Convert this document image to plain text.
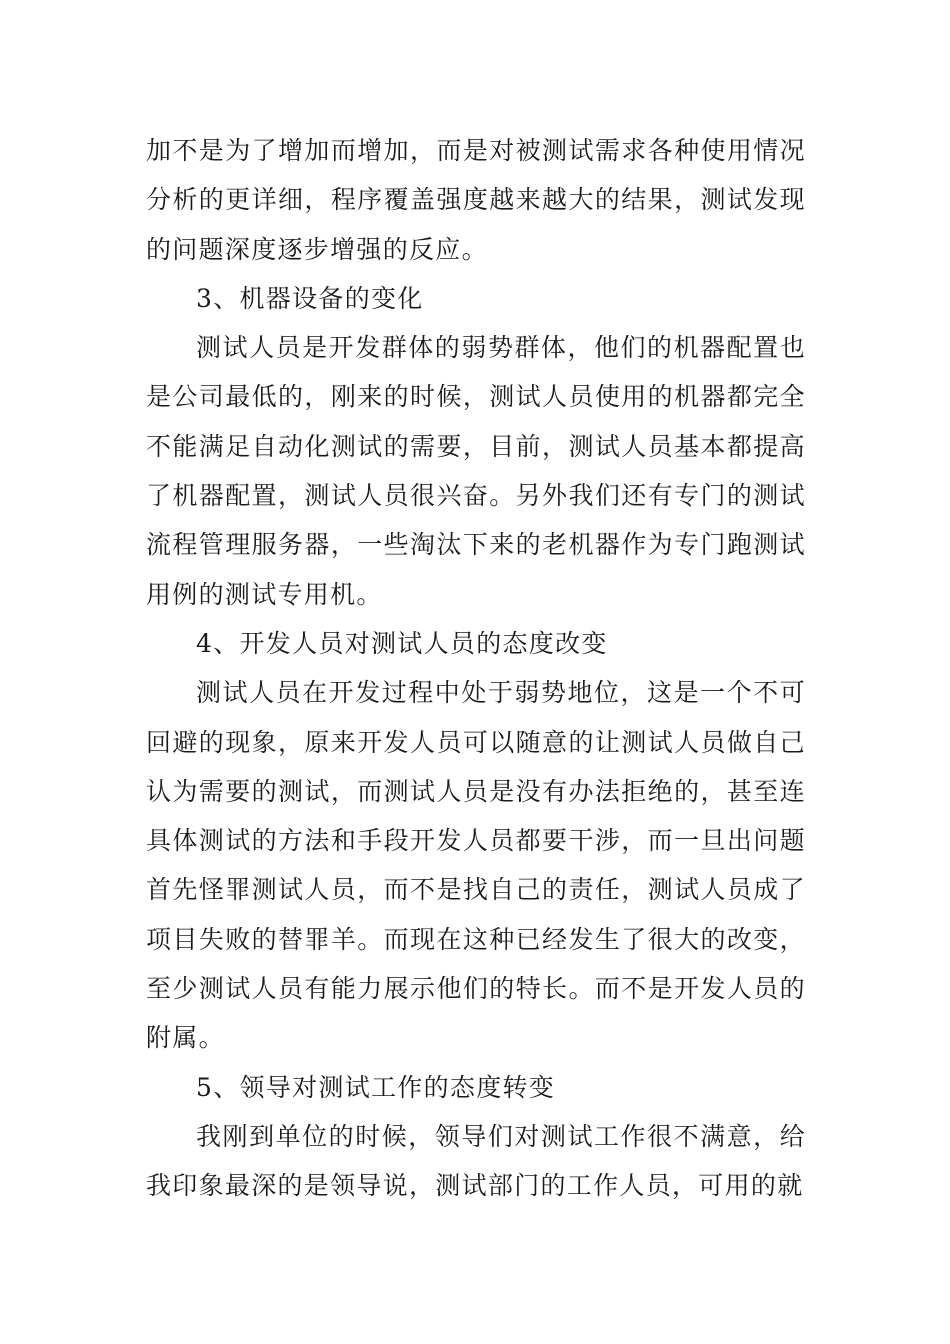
加不是为了增加而增加，而是对被测试需求各种使用情况分析的更详细，程序覆盖强度越来越大的结果，测试发现的问题深度逐步增强的反应。

3、机器设备的变化

测试人员是开发群体的弱势群体，他们的机器配置也是公司最低的，刚来的时候，测试人员使用的机器都完全不能满足自动化测试的需要，目前，测试人员基本都提高了机器配置，测试人员很兴奋。另外我们还有专门的测试流程管理服务器，一些淘汰下来的老机器作为专门跑测试用例的测试专用机。

4、开发人员对测试人员的态度改变

测试人员在开发过程中处于弱势地位，这是一个不可回避的现象，原来开发人员可以随意的让测试人员做自己认为需要的测试，而测试人员是没有办法拒绝的，甚至连具体测试的方法和手段开发人员都要干涉，而一旦出问题首先怪罪测试人员，而不是找自己的责任，测试人员成了项目失败的替罪羊。而现在这种已经发生了很大的改变，至少测试人员有能力展示他们的特长。而不是开发人员的附属。

5、领导对测试工作的态度转变

我刚到单位的时候，领导们对测试工作很不满意，给我印象最深的是领导说，测试部门的工作人员，可用的就
